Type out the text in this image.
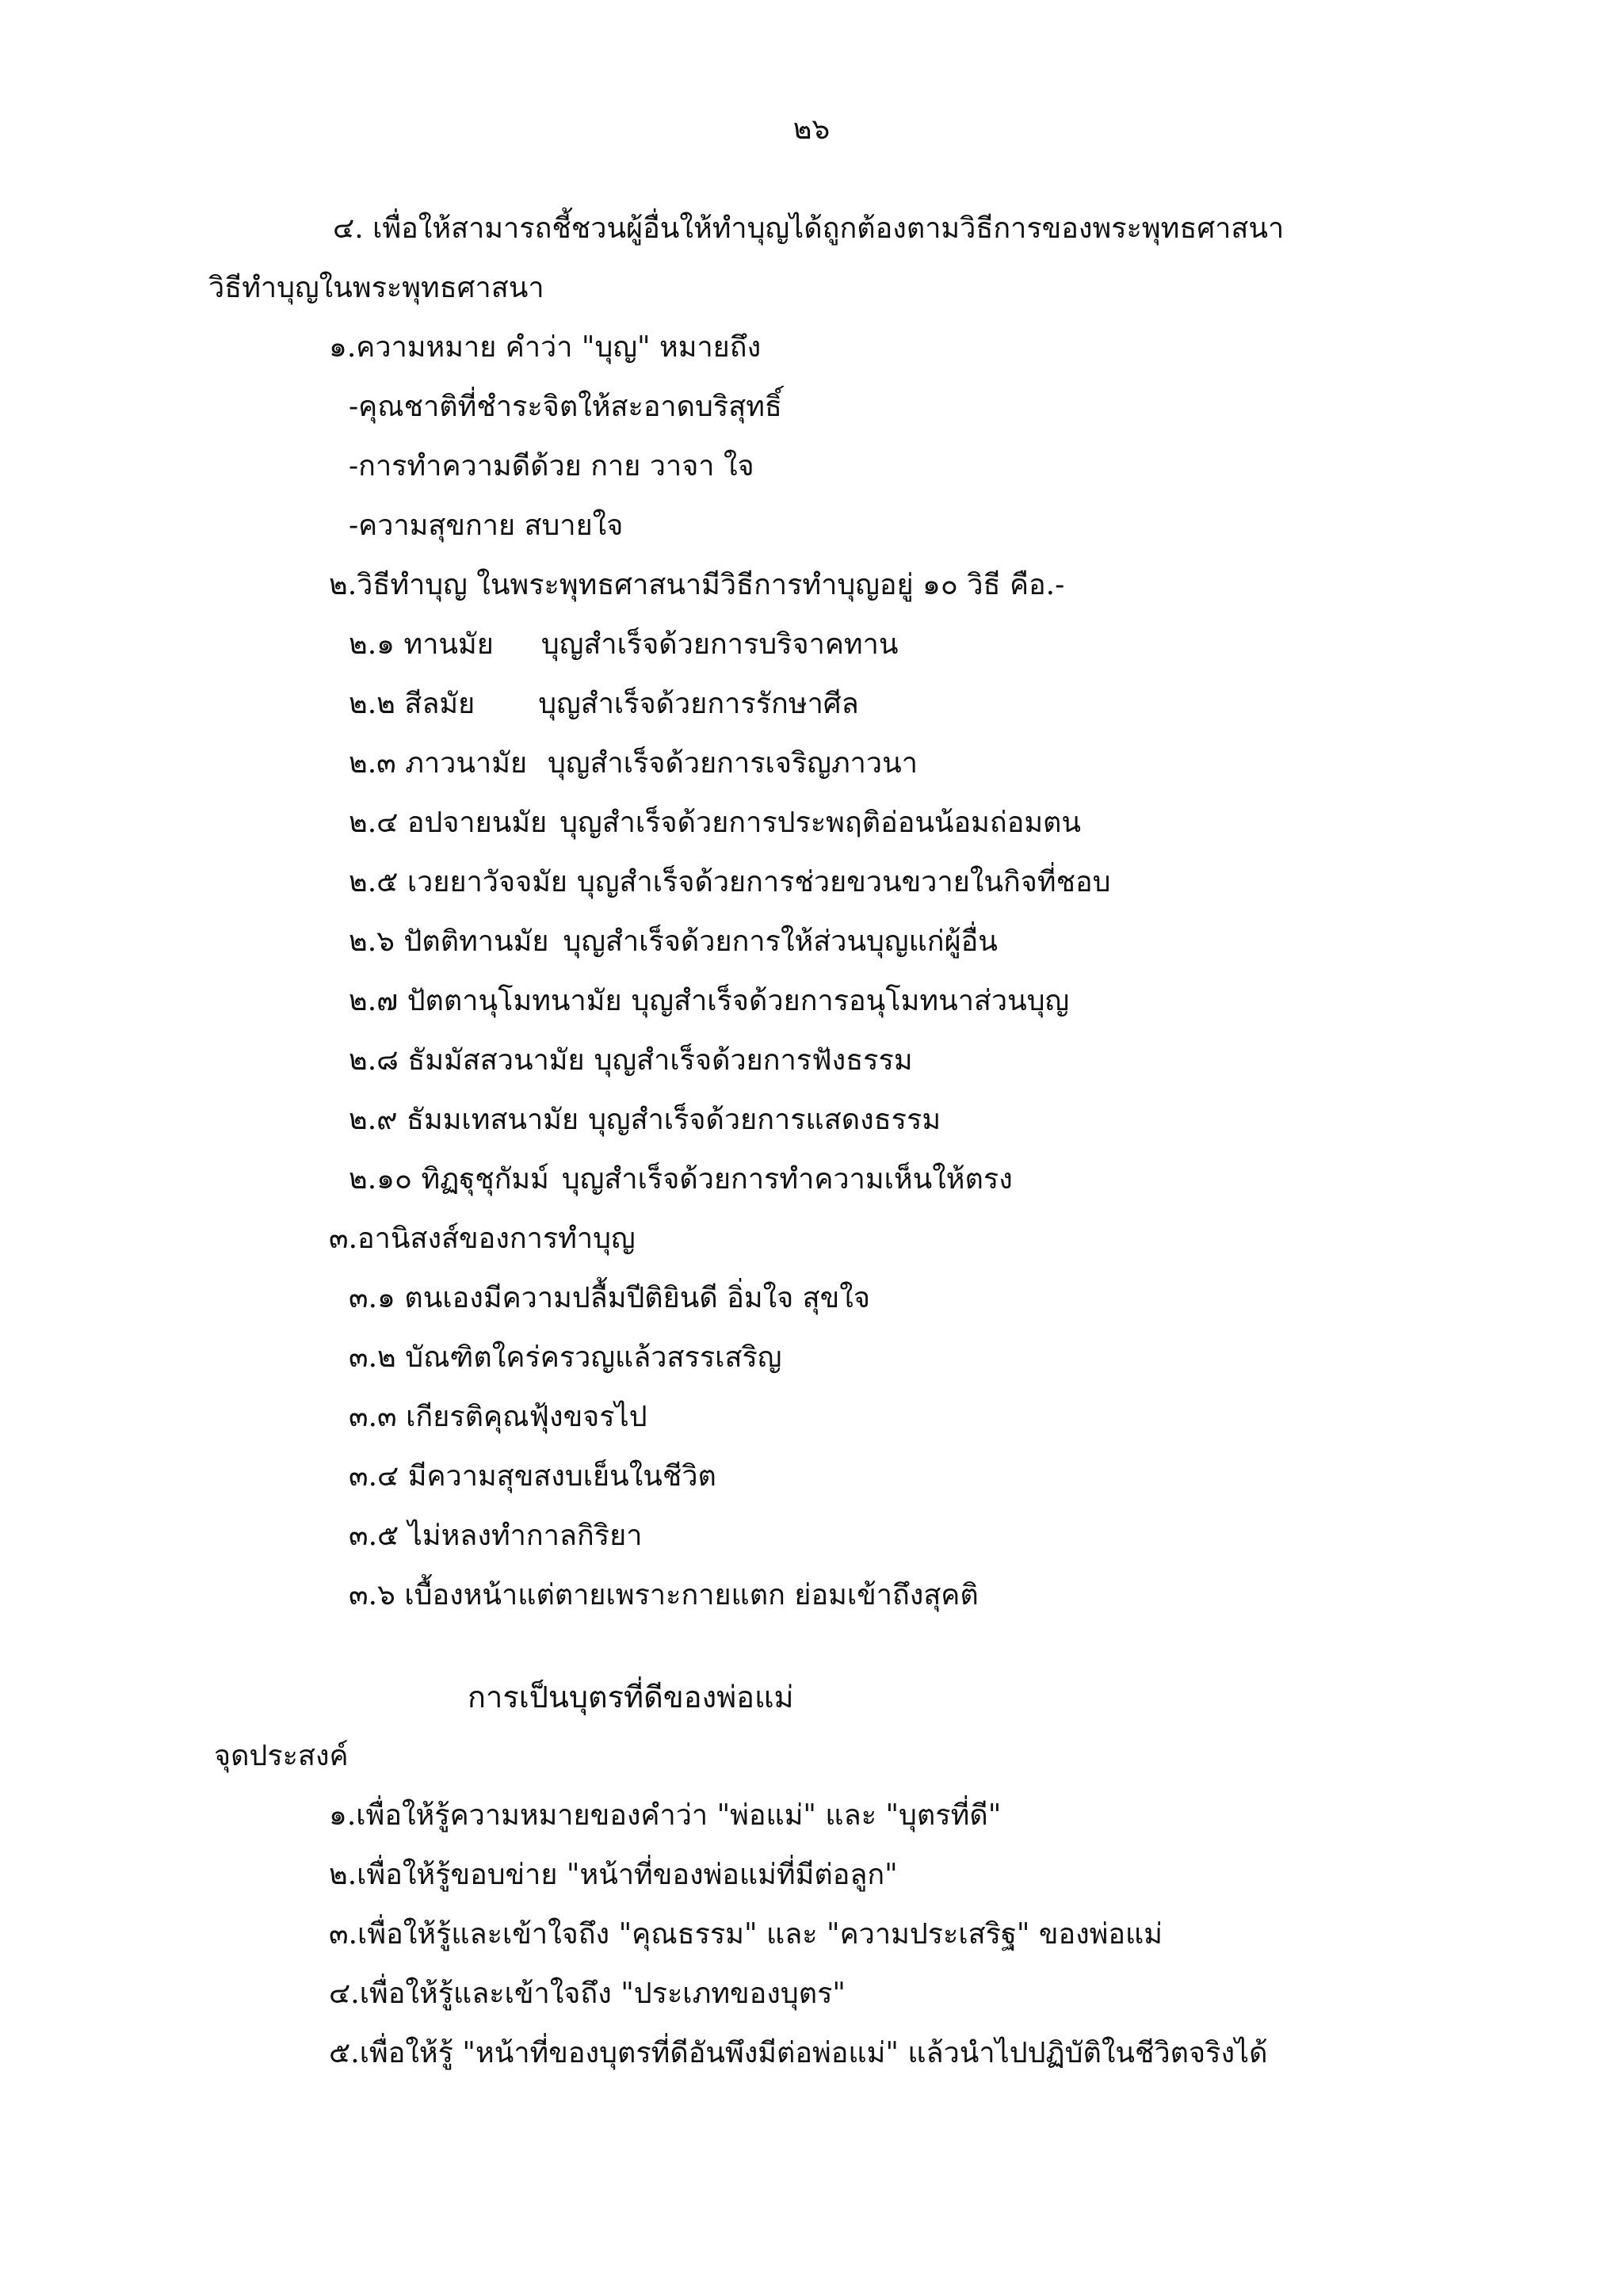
๒๖
๔. เพื่อให้สามารถชี้ชวนผู้อื่นให้ทำบุญได้ถูกต้องตามวิธีการของพระพุทธศาสนา
วิธีทำบุญในพระพุทธศาสนา
๑.ความหมาย คำว่า "บุญ" หมายถึง
-คุณชาติที่ชำระจิตให้สะอาดบริสุทธิ์
-การทำความดีด้วย กาย วาจา ใจ
-ความสุขกาย สบายใจ
๒.วิธีทำบุญ ในพระพุทธศาสนามีวิธีการทำบุญอยู่ ๑๐ วิธี คือ.-
๒.๑ ทานมัย บุญสำเร็จด้วยการบริจาคทาน
๒.๒ สีลมัย บุญสำเร็จด้วยการรักษาศีล
๒.๓ ภาวนามัย บุญสำเร็จด้วยการเจริญภาวนา
๒.๔ อปจายนมัย บุญสำเร็จด้วยการประพฤติอ่อนน้อมถ่อมตน
๒.๕ เวยยาวัจจมัย บุญสำเร็จด้วยการช่วยขวนขวายในกิจที่ชอบ
๒.๖ ปัตติทานมัย บุญสำเร็จด้วยการให้ส่วนบุญแก่ผู้อื่น
๒.๗ ปัตตานุโมทนามัย บุญสำเร็จด้วยการอนุโมทนาส่วนบุญ
๒.๘ ธัมมัสสวนามัย บุญสำเร็จด้วยการฟังธรรม
๒.๙ ธัมมเทสนามัย บุญสำเร็จด้วยการแสดงธรรม
๒.๑๐ ทิฏฐุชุกัมม์ บุญสำเร็จด้วยการทำความเห็นให้ตรง
๓.อานิสงส์ของการทำบุญ
๓.๑ ตนเองมีความปลื้มปีติยินดี อิ่มใจ สุขใจ
๓.๒ บัณฑิตใคร่ครวญแล้วสรรเสริญ
๓.๓ เกียรติคุณฟุ้งขจรไป
๓.๔ มีความสุขสงบเย็นในชีวิต
๓.๕ ไม่หลงทำกาลกิริยา
๓.๖ เบื้องหน้าแต่ตายเพราะกายแตก ย่อมเข้าถึงสุคติ
การเป็นบุตรที่ดีของพ่อแม่
จุดประสงค์
๑.เพื่อให้รู้ความหมายของคำว่า "พ่อแม่" และ "บุตรที่ดี"
๒.เพื่อให้รู้ขอบข่าย "หน้าที่ของพ่อแม่ที่มีต่อลูก"
๓.เพื่อให้รู้และเข้าใจถึง "คุณธรรม" และ "ความประเสริฐ" ของพ่อแม่
๔.เพื่อให้รู้และเข้าใจถึง "ประเภทของบุตร"
๕.เพื่อให้รู้ "หน้าที่ของบุตรที่ดีอันพึงมีต่อพ่อแม่" แล้วนำไปปฏิบัติในชีวิตจริงได้
